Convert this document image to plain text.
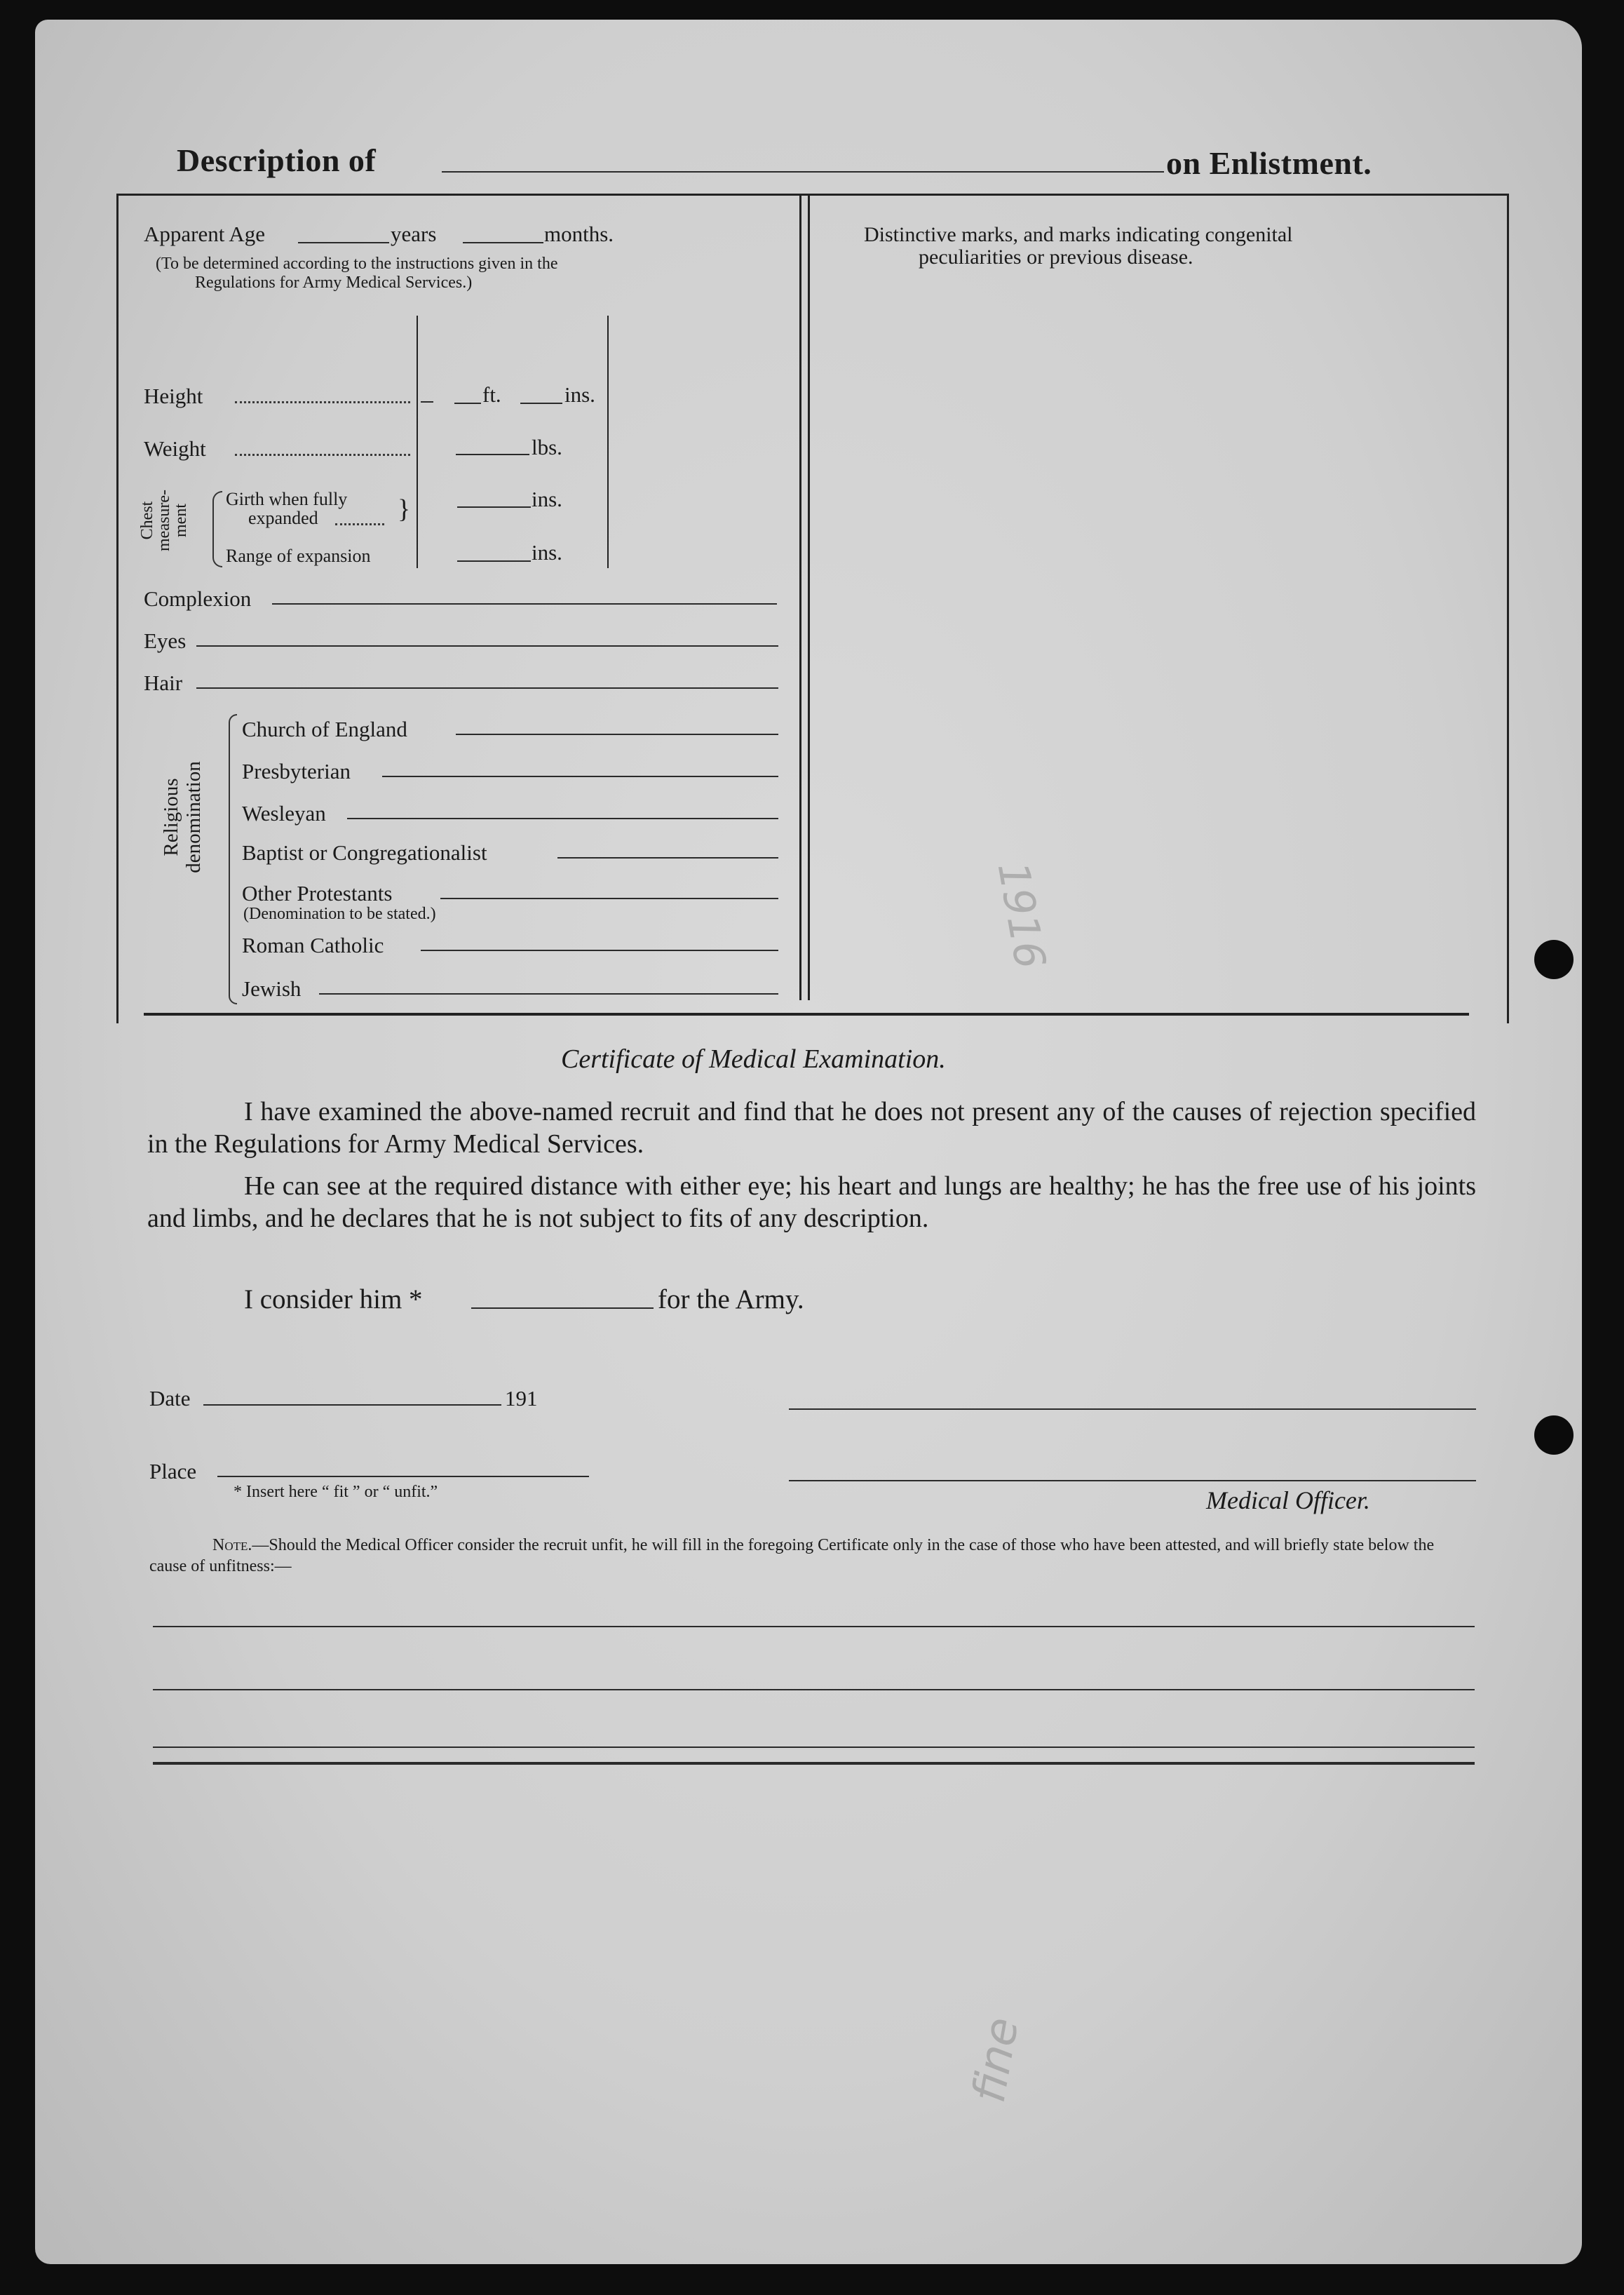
Description of	on Enlistment.
Apparent Age	years	months.
(To be determined according to the instructions given in the
Regulations for Army Medical Services.)
Height	ft.	ins.
Weight	lbs.
Chest
measure-
ment
Girth when fully
expanded	}	ins.
Range of expansion	ins.
Complexion
Eyes
Hair
Religious denomination
Church of England
Presbyterian
Wesleyan
Baptist or Congregationalist
Other Protestants
(Denomination to be stated.)
Roman Catholic
Jewish
Distinctive marks, and marks indicating congenital
peculiarities or previous disease.
1916
fine
Certificate of Medical Examination.
I have examined the above-named recruit and find that he does not present any of the causes of rejection specified in the Regulations for Army Medical Services.
He can see at the required distance with either eye; his heart and lungs are healthy; he has the free use of his joints and limbs, and he declares that he is not subject to fits of any description.
I consider him *	for the Army.
Date	191
Place
* Insert here “ fit ” or “ unfit.”	Medical Officer.
Note.—Should the Medical Officer consider the recruit unfit, he will fill in the foregoing Certificate only in the case of those who have been attested, and will briefly state below the cause of unfitness:—
